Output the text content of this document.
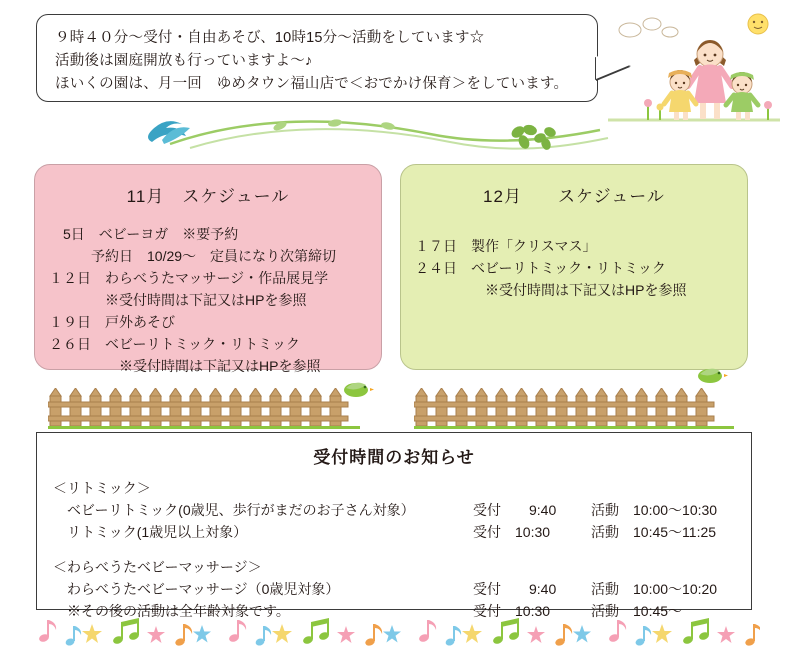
９時４０分〜受付・自由あそび、10時15分〜活動をしています☆
活動後は園庭開放も行っていますよ〜♪
ほいくの園は、月一回　ゆめタウン福山店で＜おでかけ保育＞をしています。
11月　スケジュール
　5日　ベビーヨガ　※要予約
　　　予約日　10/29〜　定員になり次第締切
１２日　わらべうたマッサージ・作品展見学
　　　　※受付時間は下記又はHPを参照
１９日　戸外あそび
２６日　ベビーリトミック・リトミック
　　　　　※受付時間は下記又はHPを参照
12月　　スケジュール
１７日　製作「クリスマス」
２４日　ベビーリトミック・リトミック
　　　　　※受付時間は下記又はHPを参照
受付時間のお知らせ
＜リトミック＞
　ベビーリトミック(0歳児、歩行がまだのお子さん対象）	受付　　9:40	活動　10:00〜10:30
　リトミック(1歳児以上対象）	受付　10:30	活動　10:45〜11:25
＜わらべうたベビーマッサージ＞
　わらべうたベビーマッサージ（0歳児対象）	受付　　9:40	活動　10:00〜10:20
　※その後の活動は全年齢対象です。	受付　10:30	活動　10:45〜
